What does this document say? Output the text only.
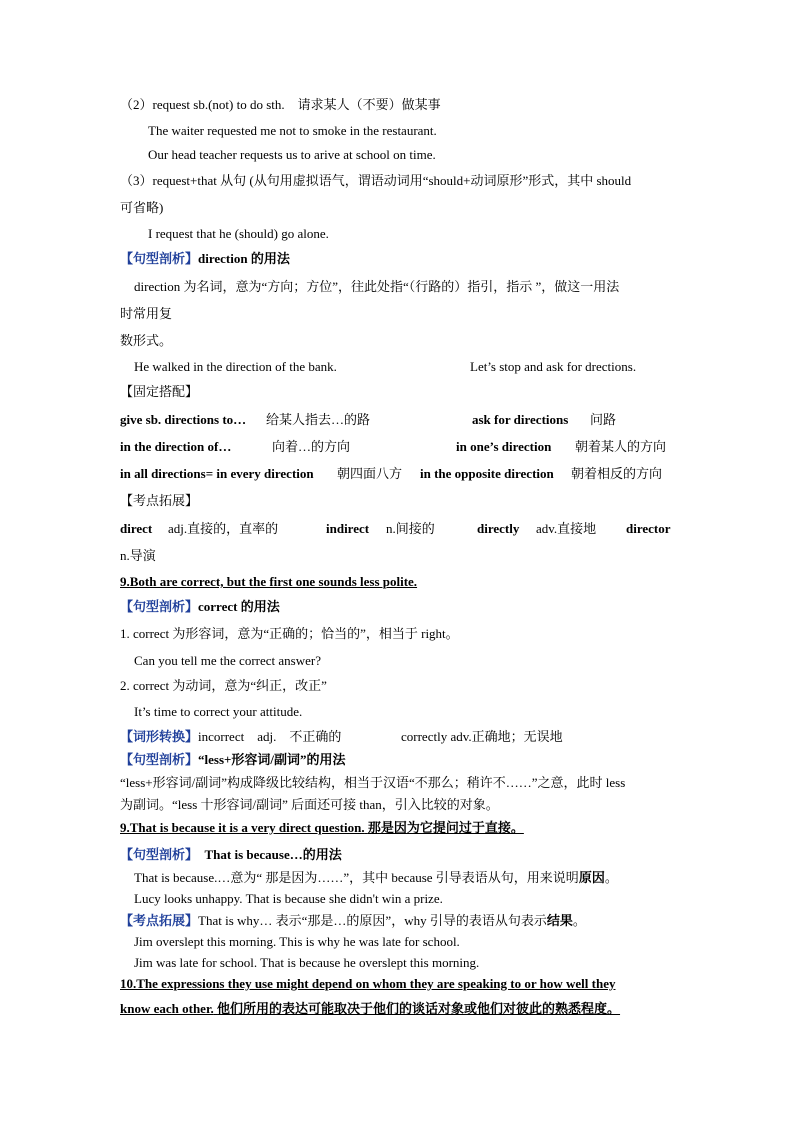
（2）request sb.(not) to do sth.　请求某人（不要）做某事
The waiter requested me not to smoke in the restaurant.
Our head teacher requests us to arive at school on time.
（3）request+that 从句 (从句用虚拟语气，谓语动词用“should+动词原形”形式，其中 should
可省略)
I request that he (should) go alone.
【句型剖析】direction 的用法
direction 为名词，意为“方向；方位”，往此处指“（行路的）指引，指示 ”，做这一用法
时常用复
数形式。
He walked in the direction of the bank.	Let’s stop and ask for drections.
【固定搭配】
give sb. directions to… 给某人指去…的路	ask for directions 问路
in the direction of…	向着…的方向	in one’s direction 朝着某人的方向
in all directions= in every direction 朝四面八方 in the opposite direction 朝着相反的方向
【考点拓展】
direct adj.直接的，直率的	indirect n.间接的	directly adv.直接地 director
n.导演
9.Both are correct, but the first one sounds less polite.
【句型剖析】correct 的用法
1. correct 为形容词，意为“正确的；恰当的”，相当于 right。
Can you tell me the correct answer?
2. correct 为动词，意为“纠正，改正”
It’s time to correct your attitude.
【词形转换】incorrect　adj.　不正确的	correctly adv.正确地；无误地
【句型剖析】“less+形容词/副词”的用法
“less+形容词/副词”构成降级比较结构，相当于汉语“不那么；稍许不……”之意，此时 less
为副词。“less 十形容词/副词” 后面还可接 than，引入比较的对象。
9.That is because it is a very direct question. 那是因为它提问过于直接。
【句型剖析】 That is because…的用法
That is because.…意为“ 那是因为……”，其中 because 引导表语从句，用来说明原因。
Lucy looks unhappy. That is because she didn't win a prize.
【考点拓展】That is why… 表示“那是…的原因”，why 引导的表语从句表示结果。
Jim overslept this morning. This is why he was late for school.
Jim was late for school. That is because he overslept this morning.
10.The expressions they use might depend on whom they are speaking to or how well they
know each other. 他们所用的表达可能取决于他们的谈话对象或他们对彼此的熟悉程度。
